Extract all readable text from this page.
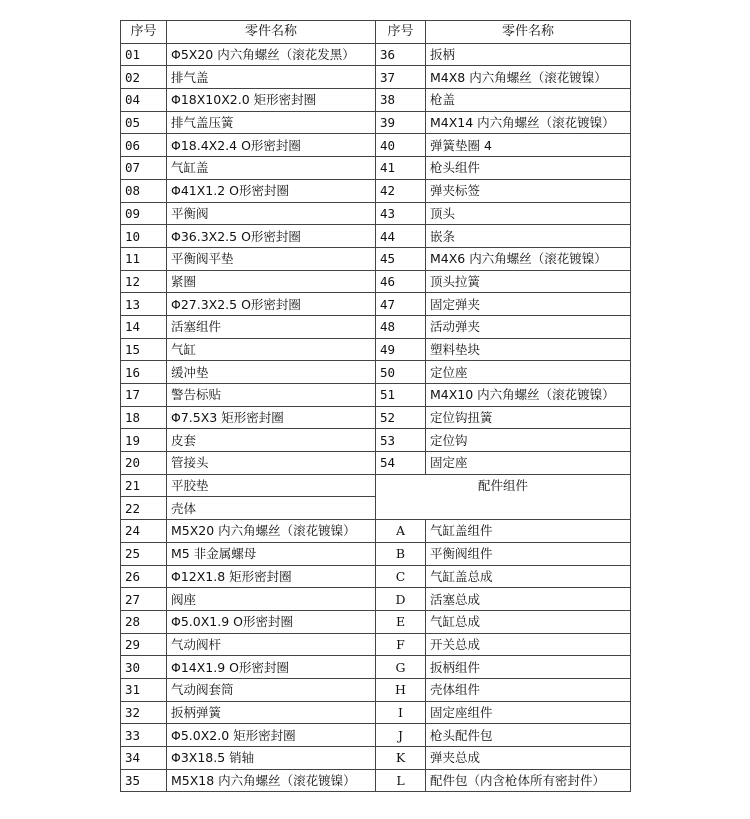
序号	零件名称	序号	零件名称
01	Φ5X20 内六角螺丝（滚花发黑）	36	扳柄
02	排气盖	37	M4X8 内六角螺丝（滚花镀镍）
04	Φ18X10X2.0 矩形密封圈	38	枪盖
05	排气盖压簧	39	M4X14 内六角螺丝（滚花镀镍）
06	Φ18.4X2.4 O形密封圈	40	弹簧垫圈 4
07	气缸盖	41	枪头组件
08	Φ41X1.2 O形密封圈	42	弹夹标签
09	平衡阀	43	顶头
10	Φ36.3X2.5 O形密封圈	44	嵌条
11	平衡阀平垫	45	M4X6 内六角螺丝（滚花镀镍）
12	紧圈	46	顶头拉簧
13	Φ27.3X2.5 O形密封圈	47	固定弹夹
14	活塞组件	48	活动弹夹
15	气缸	49	塑料垫块
16	缓冲垫	50	定位座
17	警告标贴	51	M4X10 内六角螺丝（滚花镀镍）
18	Φ7.5X3 矩形密封圈	52	定位钩扭簧
19	皮套	53	定位钩
20	管接头	54	固定座
21	平胶垫	配件组件	
22	壳体		
24	M5X20 内六角螺丝（滚花镀镍）	A	气缸盖组件
25	M5 非金属螺母	B	平衡阀组件
26	Φ12X1.8 矩形密封圈	C	气缸盖总成
27	阀座	D	活塞总成
28	Φ5.0X1.9 O形密封圈	E	气缸总成
29	气动阀杆	F	开关总成
30	Φ14X1.9 O形密封圈	G	扳柄组件
31	气动阀套筒	H	壳体组件
32	扳柄弹簧	I	固定座组件
33	Φ5.0X2.0 矩形密封圈	J	枪头配件包
34	Φ3X18.5 销轴	K	弹夹总成
35	M5X18 内六角螺丝（滚花镀镍）	L	配件包（内含枪体所有密封件）
